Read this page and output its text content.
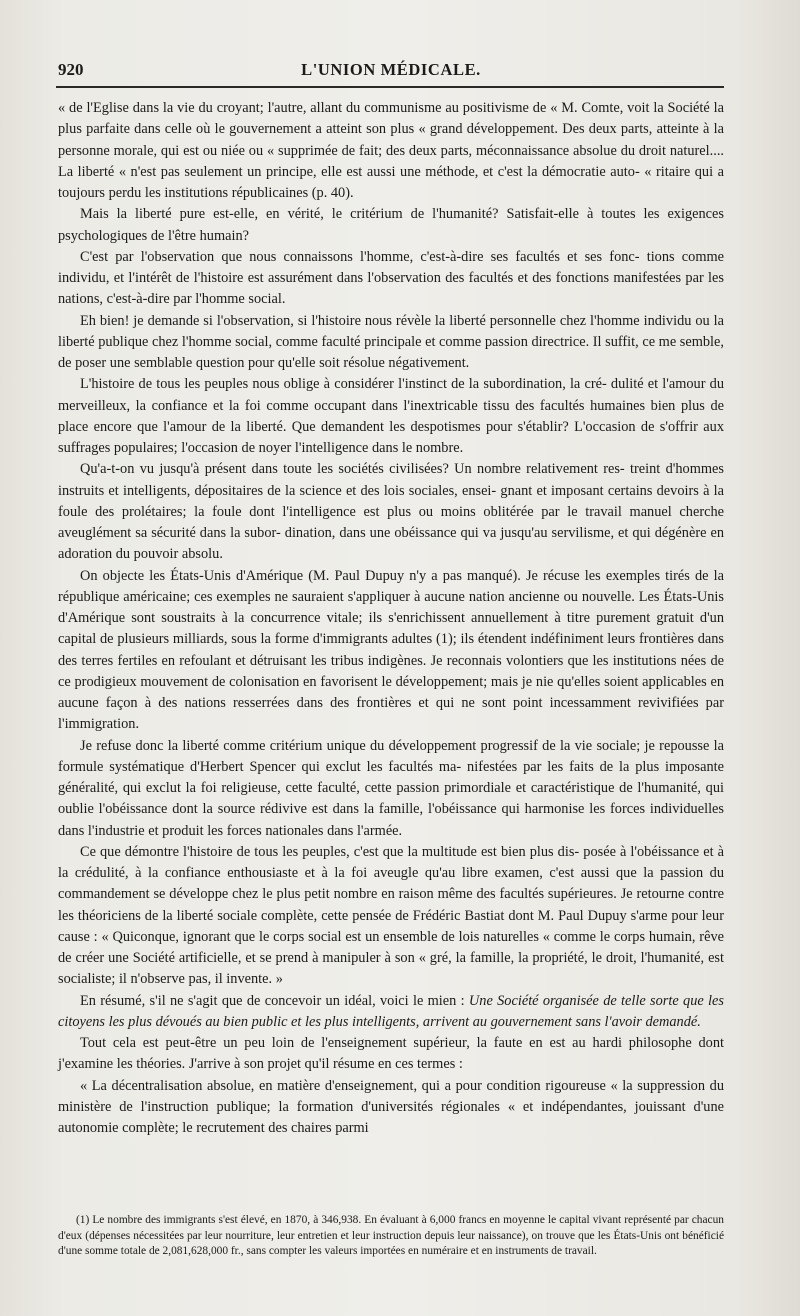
920	L'UNION MÉDICALE.

« de l'Eglise dans la vie du croyant; l'autre, allant du communisme au positivisme de « M. Comte, voit la Société la plus parfaite dans celle où le gouvernement a atteint son plus « grand développement. Des deux parts, atteinte à la personne morale, qui est ou niée ou « supprimée de fait; des deux parts, méconnaissance absolue du droit naturel.... La liberté « n'est pas seulement un principe, elle est aussi une méthode, et c'est la démocratie auto- « ritaire qui a toujours perdu les institutions républicaines (p. 40).

Mais la liberté pure est-elle, en vérité, le critérium de l'humanité? Satisfait-elle à toutes les exigences psychologiques de l'être humain?

C'est par l'observation que nous connaissons l'homme, c'est-à-dire ses facultés et ses fonc- tions comme individu, et l'intérêt de l'histoire est assurément dans l'observation des facultés et des fonctions manifestées par les nations, c'est-à-dire par l'homme social.

Eh bien! je demande si l'observation, si l'histoire nous révèle la liberté personnelle chez l'homme individu ou la liberté publique chez l'homme social, comme faculté principale et comme passion directrice. Il suffit, ce me semble, de poser une semblable question pour qu'elle soit résolue négativement.

L'histoire de tous les peuples nous oblige à considérer l'instinct de la subordination, la cré- dulité et l'amour du merveilleux, la confiance et la foi comme occupant dans l'inextricable tissu des facultés humaines bien plus de place encore que l'amour de la liberté. Que demandent les despotismes pour s'établir? L'occasion de s'offrir aux suffrages populaires; l'occasion de noyer l'intelligence dans le nombre.

Qu'a-t-on vu jusqu'à présent dans toute les sociétés civilisées? Un nombre relativement res- treint d'hommes instruits et intelligents, dépositaires de la science et des lois sociales, ensei- gnant et imposant certains devoirs à la foule des prolétaires; la foule dont l'intelligence est plus ou moins oblitérée par le travail manuel cherche aveuglément sa sécurité dans la subor- dination, dans une obéissance qui va jusqu'au servilisme, et qui dégénère en adoration du pouvoir absolu.

On objecte les États-Unis d'Amérique (M. Paul Dupuy n'y a pas manqué). Je récuse les exemples tirés de la république américaine; ces exemples ne sauraient s'appliquer à aucune nation ancienne ou nouvelle. Les États-Unis d'Amérique sont soustraits à la concurrence vitale; ils s'enrichissent annuellement à titre purement gratuit d'un capital de plusieurs milliards, sous la forme d'immigrants adultes (1); ils étendent indéfiniment leurs frontières dans des terres fertiles en refoulant et détruisant les tribus indigènes. Je reconnais volontiers que les institutions nées de ce prodigieux mouvement de colonisation en favorisent le développement; mais je nie qu'elles soient applicables en aucune façon à des nations resserrées dans des frontières et qui ne sont point incessamment revivifiées par l'immigration.

Je refuse donc la liberté comme critérium unique du développement progressif de la vie sociale; je repousse la formule systématique d'Herbert Spencer qui exclut les facultés ma- nifestées par les faits de la plus imposante généralité, qui exclut la foi religieuse, cette faculté, cette passion primordiale et caractéristique de l'humanité, qui oublie l'obéissance dont la source rédivive est dans la famille, l'obéissance qui harmonise les forces individuelles dans l'industrie et produit les forces nationales dans l'armée.

Ce que démontre l'histoire de tous les peuples, c'est que la multitude est bien plus dis- posée à l'obéissance et à la crédulité, à la confiance enthousiaste et à la foi aveugle qu'au libre examen, c'est aussi que la passion du commandement se développe chez le plus petit nombre en raison même des facultés supérieures. Je retourne contre les théoriciens de la liberté sociale complète, cette pensée de Frédéric Bastiat dont M. Paul Dupuy s'arme pour leur cause : « Quiconque, ignorant que le corps social est un ensemble de lois naturelles « comme le corps humain, rêve de créer une Société artificielle, et se prend à manipuler à son « gré, la famille, la propriété, le droit, l'humanité, est socialiste; il n'observe pas, il invente. »

En résumé, s'il ne s'agit que de concevoir un idéal, voici le mien : Une Société organisée de telle sorte que les citoyens les plus dévoués au bien public et les plus intelligents, arrivent au gouvernement sans l'avoir demandé.

Tout cela est peut-être un peu loin de l'enseignement supérieur, la faute en est au hardi philosophe dont j'examine les théories. J'arrive à son projet qu'il résume en ces termes :

« La décentralisation absolue, en matière d'enseignement, qui a pour condition rigoureuse « la suppression du ministère de l'instruction publique; la formation d'universités régionales « et indépendantes, jouissant d'une autonomie complète; le recrutement des chaires parmi

(1) Le nombre des immigrants s'est élevé, en 1870, à 346,938. En évaluant à 6,000 francs en moyenne le capital vivant représenté par chacun d'eux (dépenses nécessitées par leur nourriture, leur entretien et leur instruction depuis leur naissance), on trouve que les États-Unis ont bénéficié d'une somme totale de 2,081,628,000 fr., sans compter les valeurs importées en numéraire et en instruments de travail.
